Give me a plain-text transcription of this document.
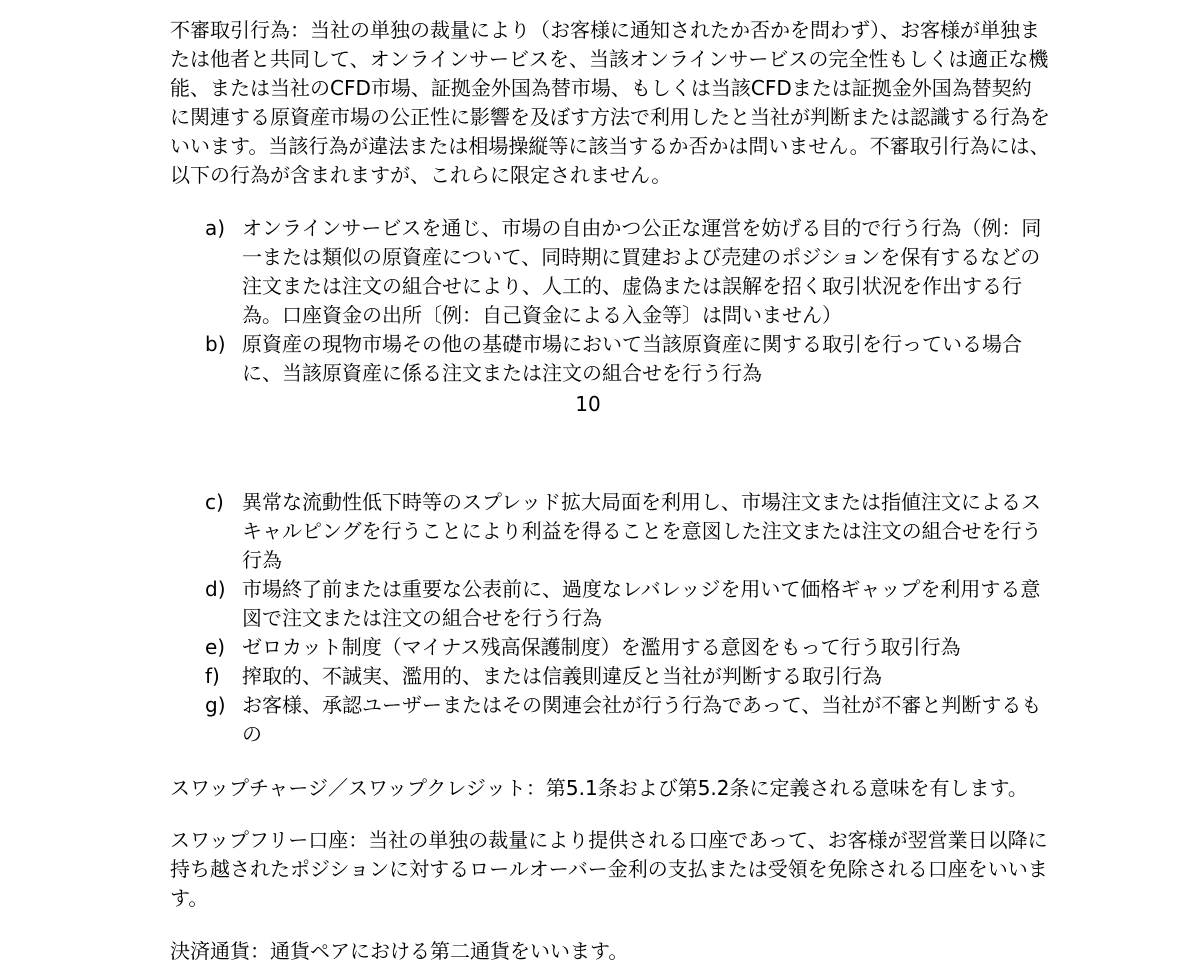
不審取引行為：当社の単独の裁量により（お客様に通知されたか否かを問わず）、お客様が単独または他者と共同して、オンラインサービスを、当該オンラインサービスの完全性もしくは適正な機能、または当社のCFD市場、証拠金外国為替市場、もしくは当該CFDまたは証拠金外国為替契約に関連する原資産市場の公正性に影響を及ぼす方法で利用したと当社が判断または認識する行為をいいます。当該行為が違法または相場操縦等に該当するか否かは問いません。不審取引行為には、以下の行為が含まれますが、これらに限定されません。

a) オンラインサービスを通じ、市場の自由かつ公正な運営を妨げる目的で行う行為（例：同一または類似の原資産について、同時期に買建および売建のポジションを保有するなどの注文または注文の組合せにより、人工的、虚偽または誤解を招く取引状況を作出する行為。口座資金の出所〔例：自己資金による入金等〕は問いません）
b) 原資産の現物市場その他の基礎市場において当該原資産に関する取引を行っている場合に、当該原資産に係る注文または注文の組合せを行う行為
10
c) 異常な流動性低下時等のスプレッド拡大局面を利用し、市場注文または指値注文によるスキャルピングを行うことにより利益を得ることを意図した注文または注文の組合せを行う行為
d) 市場終了前または重要な公表前に、過度なレバレッジを用いて価格ギャップを利用する意図で注文または注文の組合せを行う行為
e) ゼロカット制度（マイナス残高保護制度）を濫用する意図をもって行う取引行為
f)	搾取的、不誠実、濫用的、または信義則違反と当社が判断する取引行為
g) お客様、承認ユーザーまたはその関連会社が行う行為であって、当社が不審と判断するもの

スワップチャージ／スワップクレジット：第5.1条および第5.2条に定義される意味を有します。

スワップフリー口座：当社の単独の裁量により提供される口座であって、お客様が翌営業日以降に持ち越されたポジションに対するロールオーバー金利の支払または受領を免除される口座をいいます。

決済通貨：通貨ペアにおける第二通貨をいいます。
